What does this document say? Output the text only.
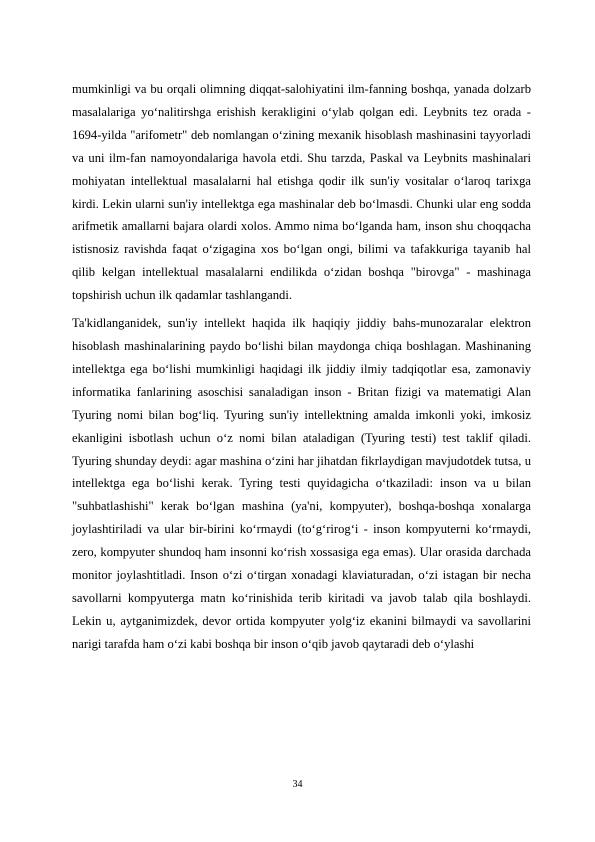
mumkinligi va bu orqali olimning diqqat-salohiyatini ilm-fanning boshqa, yanada dolzarb masalalariga yo‘nalitirshga erishish kerakligini o‘ylab qolgan edi. Leybnits tez orada - 1694-yilda "arifometr" deb nomlangan o‘zining mexanik hisoblash mashinasini tayyorladi va uni ilm-fan namoyondalariga havola etdi. Shu tarzda, Paskal va Leybnits mashinalari mohiyatan intellektual masalalarni hal etishga qodir ilk sun'iy vositalar o‘laroq tarixga kirdi. Lekin ularni sun'iy intellektga ega mashinalar deb bo‘lmasdi. Chunki ular eng sodda arifmetik amallarni bajara olardi xolos. Ammo nima bo‘lganda ham, inson shu choqqacha istisnosiz ravishda faqat o‘zigagina xos bo‘lgan ongi, bilimi va tafakkuriga tayanib hal qilib kelgan intellektual masalalarni endilikda o‘zidan boshqa "birovga" - mashinaga topshirish uchun ilk qadamlar tashlangandi.

Ta'kidlanganidek, sun'iy intellekt haqida ilk haqiqiy jiddiy bahs-munozaralar elektron hisoblash mashinalarining paydo bo‘lishi bilan maydonga chiqa boshlagan. Mashinaning intellektga ega bo‘lishi mumkinligi haqidagi ilk jiddiy ilmiy tadqiqotlar esa, zamonaviy informatika fanlarining asoschisi sanaladigan inson - Britan fizigi va matematigi Alan Tyuring nomi bilan bog‘liq. Tyuring sun'iy intellektning amalda imkonli yoki, imkosiz ekanligini isbotlash uchun o‘z nomi bilan ataladigan (Tyuring testi) test taklif qiladi. Tyuring shunday deydi: agar mashina o‘zini har jihatdan fikrlaydigan mavjudotdek tutsa, u intellektga ega bo‘lishi kerak. Tyring testi quyidagicha o‘tkaziladi: inson va u bilan "suhbatlashishi" kerak bo‘lgan mashina (ya'ni, kompyuter), boshqa-boshqa xonalarga joylashtiriladi va ular bir-birini ko‘rmaydi (to‘g‘rirog‘i - inson kompyuterni ko‘rmaydi, zero, kompyuter shundoq ham insonni ko‘rish xossasiga ega emas). Ular orasida darchada monitor joylashtitladi. Inson o‘zi o‘tirgan xonadagi klaviaturadan, o‘zi istagan bir necha savollarni kompyuterga matn ko‘rinishida terib kiritadi va javob talab qila boshlaydi. Lekin u, aytganimizdek, devor ortida kompyuter yolg‘iz ekanini bilmaydi va savollarini narigi tarafda ham o‘zi kabi boshqa bir inson o‘qib javob qaytaradi deb o‘ylashi

34
